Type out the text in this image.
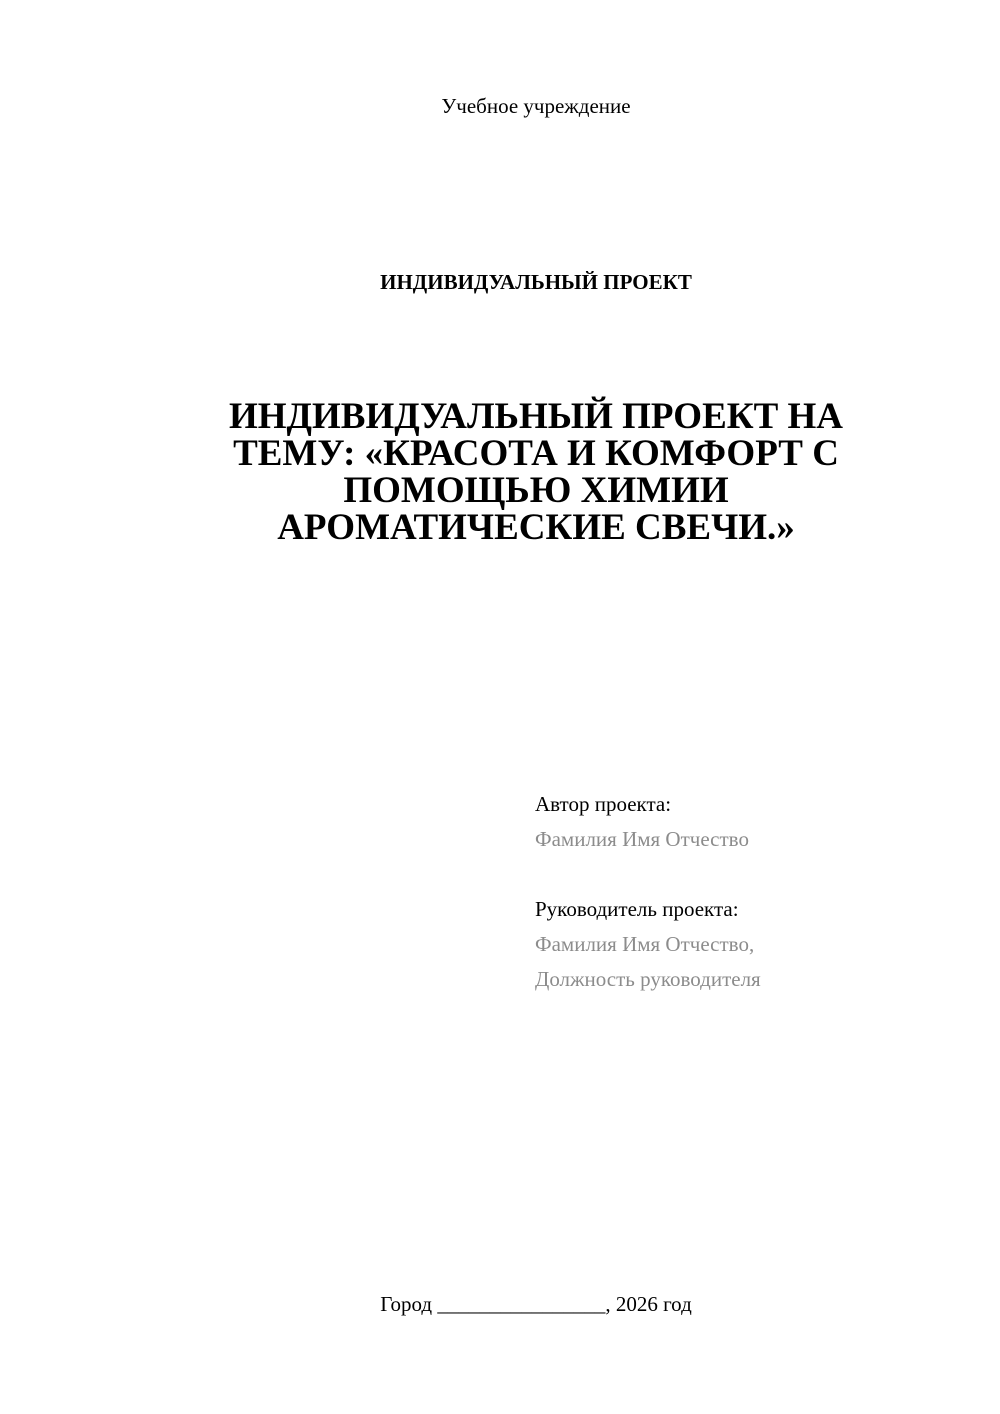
Учебное учреждение
ИНДИВИДУАЛЬНЫЙ ПРОЕКТ
ИНДИВИДУАЛЬНЫЙ ПРОЕКТ НА
ТЕМУ: «КРАСОТА И КОМФОРТ С
ПОМОЩЬЮ ХИМИИ
АРОМАТИЧЕСКИЕ СВЕЧИ.»
Автор проекта:
Фамилия Имя Отчество
Руководитель проекта:
Фамилия Имя Отчество,
Должность руководителя
Город ________________, 2026 год
